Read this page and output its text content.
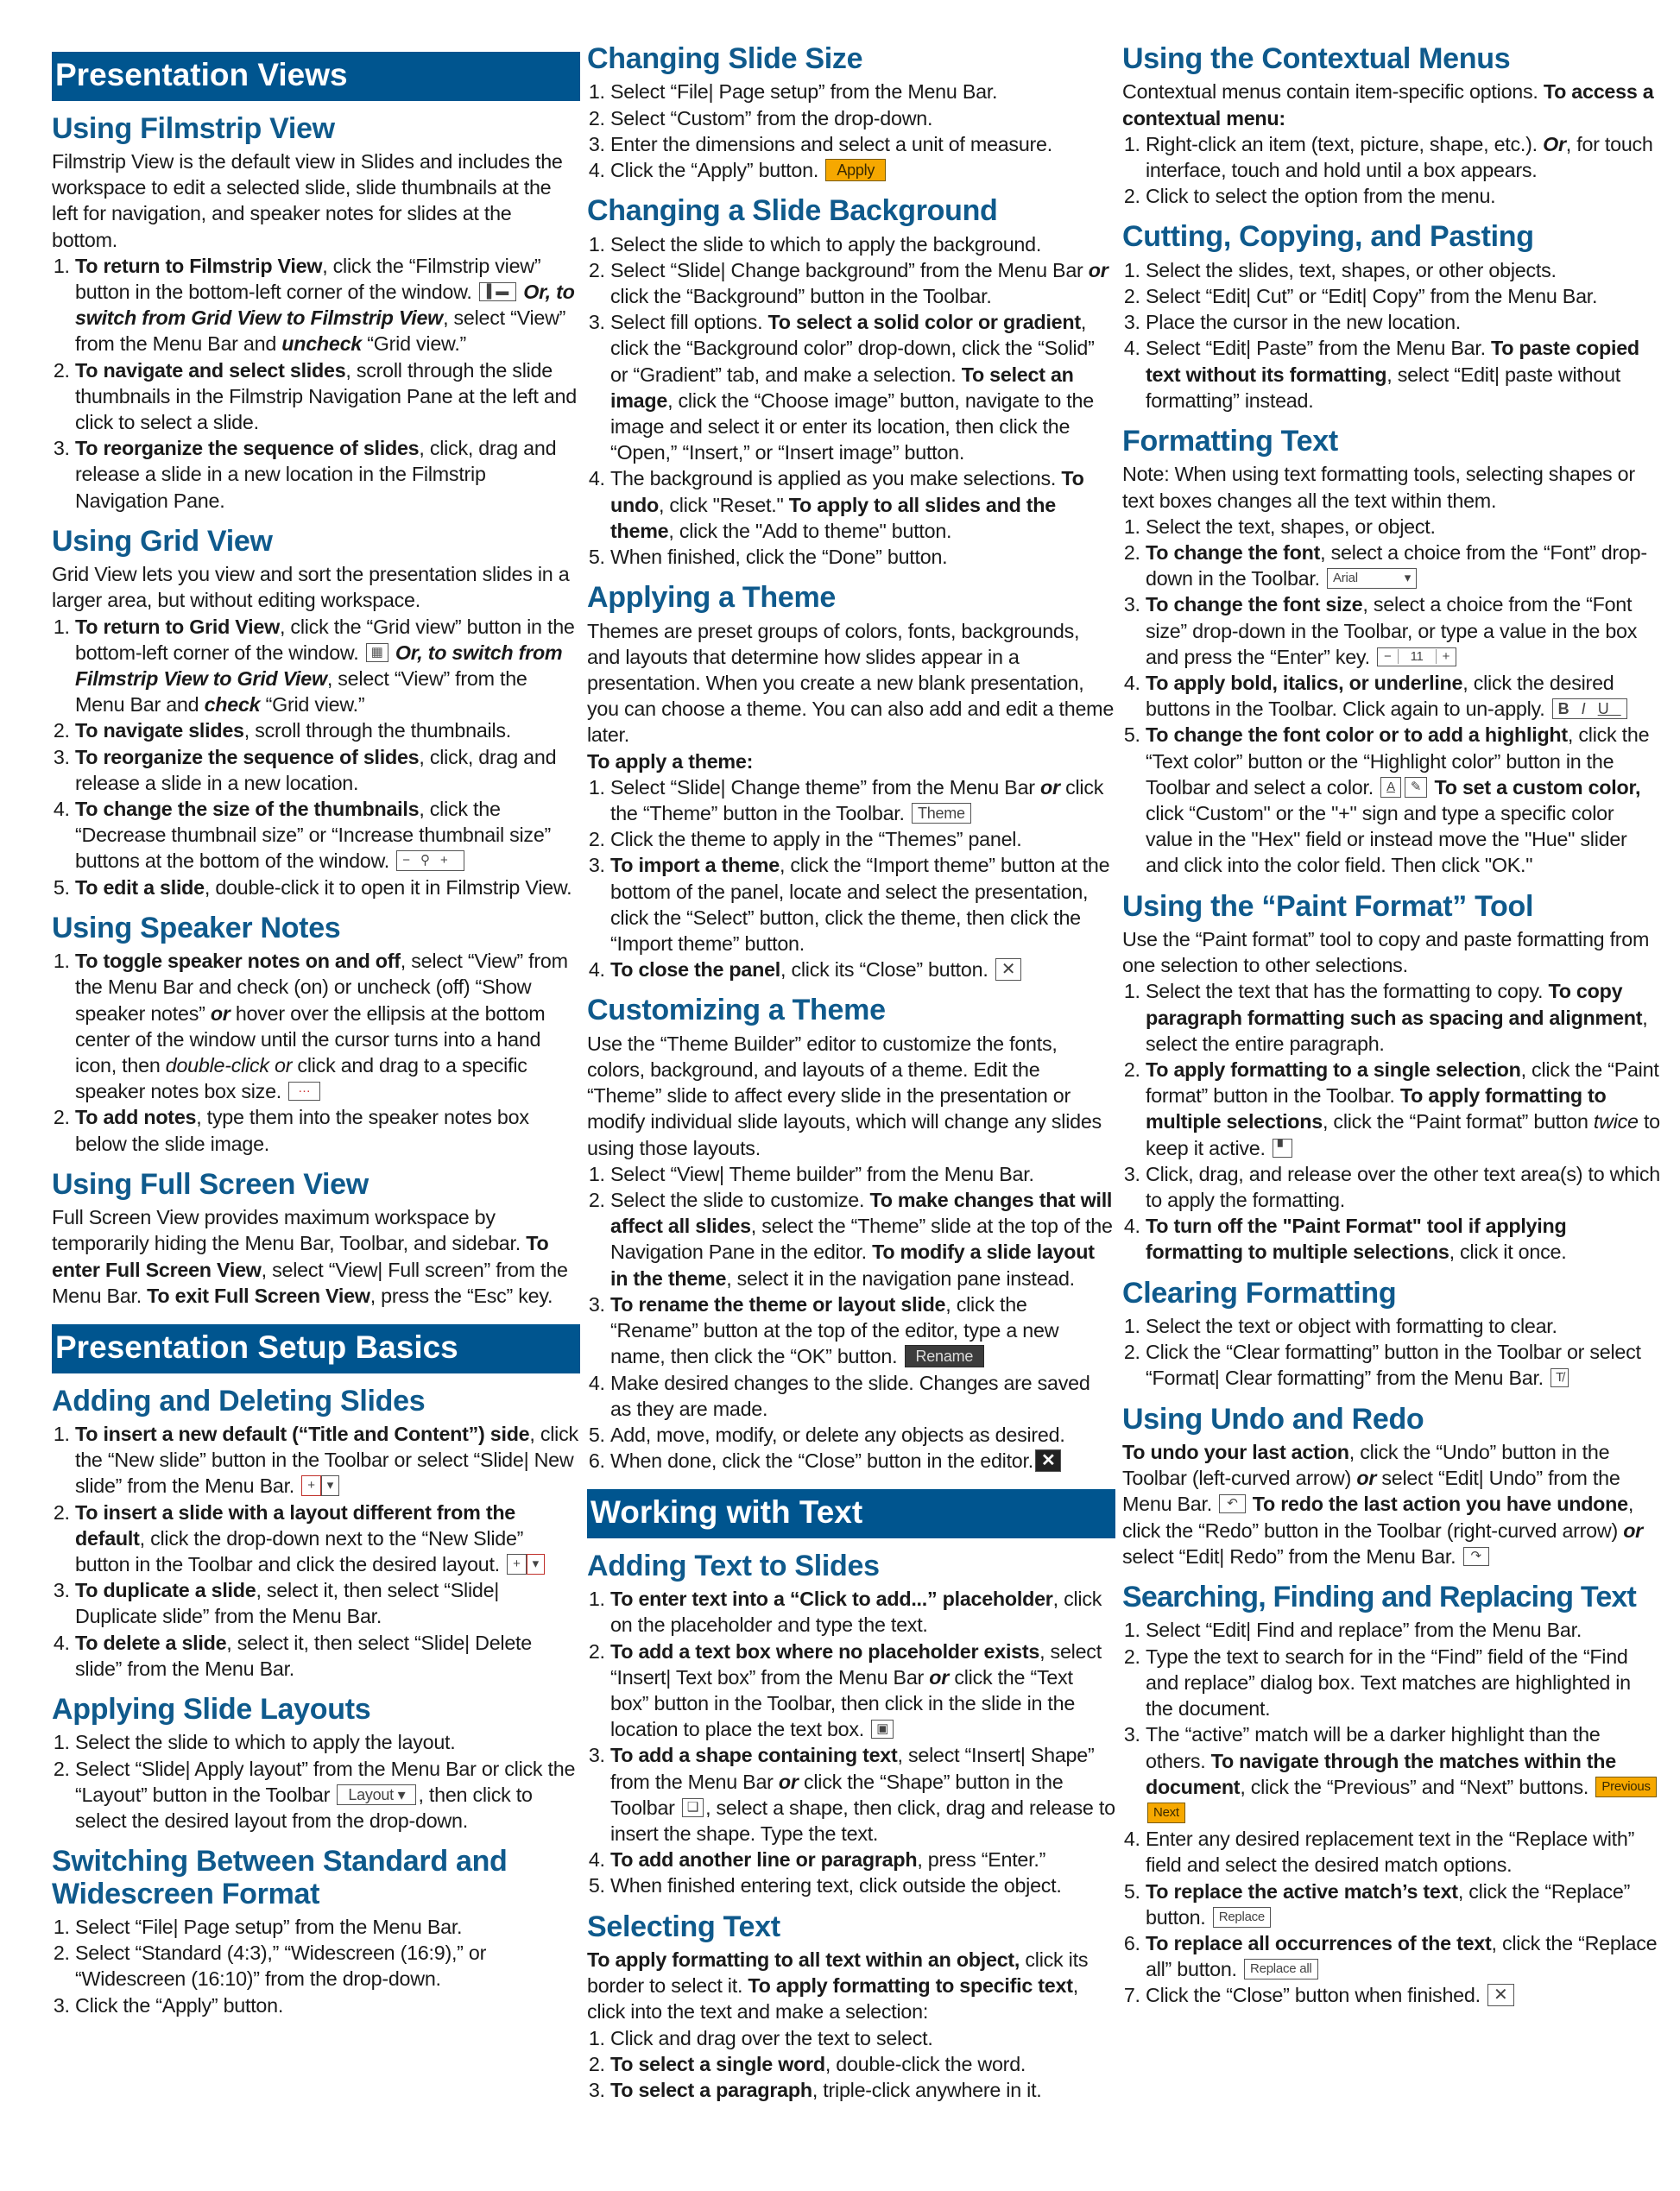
Presentation Views
Using Filmstrip View

Filmstrip View is the default view in Slides and includes the workspace to edit a selected slide, slide thumbnails at the left for navigation, and speaker notes for slides at the bottom.

1. To return to Filmstrip View, click the “Filmstrip view” button in the bottom-left corner of the window. ▌▬ Or, to switch from Grid View to Filmstrip View, select “View” from the Menu Bar and uncheck “Grid view.”
2. To navigate and select slides, scroll through the slide thumbnails in the Filmstrip Navigation Pane at the left and click to select a slide.
3. To reorganize the sequence of slides, click, drag and release a slide in a new location in the Filmstrip Navigation Pane.
Using Grid View

Grid View lets you view and sort the presentation slides in a larger area, but without editing workspace.

1. To return to Grid View, click the “Grid view” button in the bottom-left corner of the window. ▦ Or, to switch from Filmstrip View to Grid View, select “View” from the Menu Bar and check “Grid view.”
2. To navigate slides, scroll through the thumbnails.
3. To reorganize the sequence of slides, click, drag and release a slide in a new location.
4. To change the size of the thumbnails, click the “Decrease thumbnail size” or “Increase thumbnail size” buttons at the bottom of the window. −⚲+
5. To edit a slide, double-click it to open it in Filmstrip View.
Using Speaker Notes
1. To toggle speaker notes on and off, select “View” from the Menu Bar and check (on) or uncheck (off) “Show speaker notes” or hover over the ellipsis at the bottom center of the window until the cursor turns into a hand icon, then double-click or click and drag to a specific speaker notes box size. ···
2. To add notes, type them into the speaker notes box below the slide image.
Using Full Screen View

Full Screen View provides maximum workspace by temporarily hiding the Menu Bar, Toolbar, and sidebar. To enter Full Screen View, select “View| Full screen” from the Menu Bar. To exit Full Screen View, press the “Esc” key.

Presentation Setup Basics
Adding and Deleting Slides
1. To insert a new default (“Title and Content”) side, click the “New slide” button in the Toolbar or select “Slide| New slide” from the Menu Bar.	+ ▾
2. To insert a slide with a layout different from the default, click the drop-down next to the “New Slide” button in the Toolbar and click the desired layout.	+ ▾
3. To duplicate a slide, select it, then select “Slide| Duplicate slide” from the Menu Bar.
4. To delete a slide, select it, then select “Slide| Delete slide” from the Menu Bar.
Applying Slide Layouts
1. Select the slide to which to apply the layout.
2. Select “Slide| Apply layout” from the Menu Bar or click the “Layout” button in the Toolbar Layout ▾ , then click to select the desired layout from the drop-down.
Switching Between Standard and Widescreen Format
1. Select “File| Page setup” from the Menu Bar.
2. Select “Standard (4:3),” “Widescreen (16:9),” or “Widescreen (16:10)” from the drop-down.
3. Click the “Apply” button.
Changing Slide Size
1. Select “File| Page setup” from the Menu Bar.
2. Select “Custom” from the drop-down.
3. Enter the dimensions and select a unit of measure.
4. Click the “Apply” button. Apply
Changing a Slide Background
1. Select the slide to which to apply the background.
2. Select “Slide| Change background” from the Menu Bar or click the “Background” button in the Toolbar.
3. Select fill options. To select a solid color or gradient, click the “Background color” drop-down, click the “Solid” or “Gradient” tab, and make a selection. To select an image, click the “Choose image” button, navigate to the image and select it or enter its location, then click the “Open,” “Insert,” or “Insert image” button.
4. The background is applied as you make selections. To undo, click "Reset." To apply to all slides and the theme, click the "Add to theme" button.
5. When finished, click the “Done” button.
Applying a Theme

Themes are preset groups of colors, fonts, backgrounds, and layouts that determine how slides appear in a presentation. When you create a new blank presentation, you can choose a theme. You can also add and edit a theme later.

To apply a theme:

1. Select “Slide| Change theme” from the Menu Bar or click the “Theme” button in the Toolbar. Theme
2. Click the theme to apply in the “Themes” panel.
3. To import a theme, click the “Import theme” button at the bottom of the panel, locate and select the presentation, click the “Select” button, click the theme, then click the “Import theme” button.
4. To close the panel, click its “Close” button. ✕
Customizing a Theme

Use the “Theme Builder” editor to customize the fonts, colors, background, and layouts of a theme. Edit the “Theme” slide to affect every slide in the presentation or modify individual slide layouts, which will change any slides using those layouts.

1. Select “View| Theme builder” from the Menu Bar.
2. Select the slide to customize. To make changes that will affect all slides, select the “Theme” slide at the top of the Navigation Pane in the editor. To modify a slide layout in the theme, select it in the navigation pane instead.
3. To rename the theme or layout slide, click the “Rename” button at the top of the editor, type a new name, then click the “OK” button. Rename
4. Make desired changes to the slide. Changes are saved as they are made.
5. Add, move, modify, or delete any objects as desired.
6. When done, click the “Close” button in the editor. ✕
Working with Text
Adding Text to Slides
1. To enter text into a “Click to add...” placeholder, click on the placeholder and type the text.
2. To add a text box where no placeholder exists, select “Insert| Text box” from the Menu Bar or click the “Text box” button in the Toolbar, then click in the slide in the location to place the text box. ▣
3. To add a shape containing text, select “Insert| Shape” from the Menu Bar or click the “Shape” button in the Toolbar ❑ , select a shape, then click, drag and release to insert the shape. Type the text.
4. To add another line or paragraph, press “Enter.”
5. When finished entering text, click outside the object.
Selecting Text

To apply formatting to all text within an object, click its border to select it. To apply formatting to specific text, click into the text and make a selection:

1. Click and drag over the text to select.
2. To select a single word, double-click the word.
3. To select a paragraph, triple-click anywhere in it.
Using the Contextual Menus

Contextual menus contain item-specific options. To access a contextual menu:

1. Right-click an item (text, picture, shape, etc.). Or, for touch interface, touch and hold until a box appears.
2. Click to select the option from the menu.
Cutting, Copying, and Pasting
1. Select the slides, text, shapes, or other objects.
2. Select “Edit| Cut” or “Edit| Copy” from the Menu Bar.
3. Place the cursor in the new location.
4. Select “Edit| Paste” from the Menu Bar. To paste copied text without its formatting, select “Edit| paste without formatting” instead.
Formatting Text

Note: When using text formatting tools, selecting shapes or text boxes changes all the text within them.

1. Select the text, shapes, or object.
2. To change the font, select a choice from the “Font” drop-down in the Toolbar. Arial	▾
3. To change the font size, select a choice from the “Font size” drop-down in the Toolbar, or type a value in the box and press the “Enter” key. − 11 +
4. To apply bold, italics, or underline, click the desired buttons in the Toolbar. Click again to un-apply. BIU
5. To change the font color or to add a highlight, click the “Text color” button or the “Highlight color” button in the Toolbar and select a color. A ✎ To set a custom color, click “Custom" or the "+" sign and type a specific color value in the "Hex" field or instead move the "Hue" slider and click into the color field. Then click "OK."
Using the “Paint Format” Tool

Use the “Paint format” tool to copy and paste formatting from one selection to other selections.

1. Select the text that has the formatting to copy. To copy paragraph formatting such as spacing and alignment, select the entire paragraph.
2. To apply formatting to a single selection, click the “Paint format” button in the Toolbar. To apply formatting to multiple selections, click the “Paint format” button twice to keep it active. ▘
3. Click, drag, and release over the other text area(s) to which to apply the formatting.
4. To turn off the "Paint Format" tool if applying formatting to multiple selections, click it once.
Clearing Formatting
1. Select the text or object with formatting to clear.
2. Click the “Clear formatting” button in the Toolbar or select “Format| Clear formatting” from the Menu Bar. T̸
Using Undo and Redo

To undo your last action, click the “Undo” button in the Toolbar (left-curved arrow) or select “Edit| Undo” from the Menu Bar. ↶ To redo the last action you have undone, click the “Redo” button in the Toolbar (right-curved arrow) or select “Edit| Redo” from the Menu Bar. ↷

Searching, Finding and Replacing Text
1. Select “Edit| Find and replace” from the Menu Bar.
2. Type the text to search for in the “Find” field of the “Find and replace” dialog box. Text matches are highlighted in the document.
3. The “active” match will be a darker highlight than the others. To navigate through the matches within the document, click the “Previous” and “Next” buttons. PreviousNext
4. Enter any desired replacement text in the “Replace with” field and select the desired match options.
5. To replace the active match’s text, click the “Replace” button. Replace
6. To replace all occurrences of the text, click the “Replace all” button. Replace all
7. Click the “Close” button when finished. ✕
